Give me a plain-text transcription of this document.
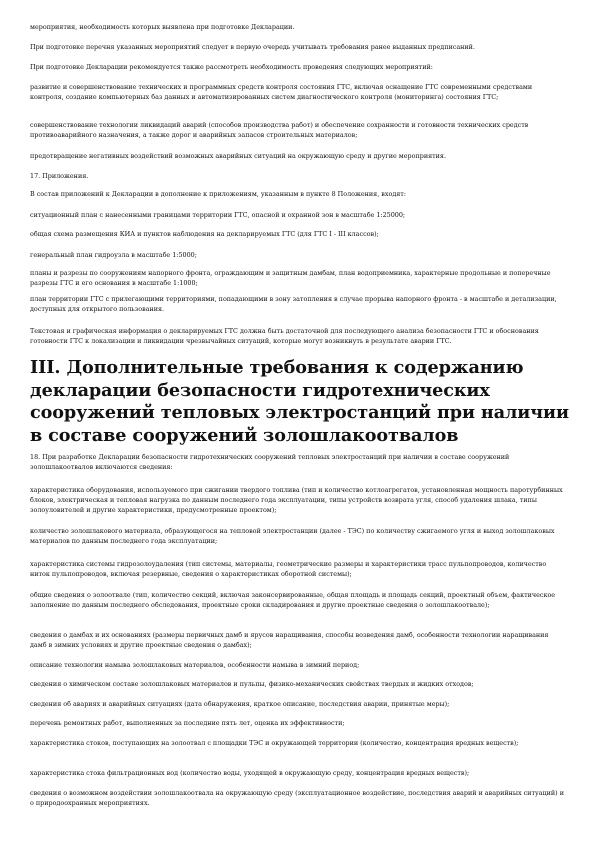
мероприятия, необходимость которых выявлена при подготовке Декларации.

При подготовке перечня указанных мероприятий следует в первую очередь учитывать требования ранее выданных предписаний.

При подготовке Декларации рекомендуется также рассмотреть необходимость проведения следующих мероприятий:

развитие и совершенствование технических и программных средств контроля состояния ГТС, включая оснащение ГТС современными средствами контроля, создание компьютерных баз данных и автоматизированных систем диагностического контроля (мониторинга) состояния ГТС;

совершенствование технологии ликвидаций аварий (способов производства работ) и обеспечение сохранности и готовности технических средств противоаварийного назначения, а также дорог и аварийных запасов строительных материалов;

предотвращение негативных воздействий возможных аварийных ситуаций на окружающую среду и другие мероприятия.

17. Приложения.

В состав приложений к Декларации в дополнение к приложениям, указанным в пункте 8 Положения, входят:

ситуационный план с нанесенными границами территории ГТС, опасной и охранной зон в масштабе 1:25000;

общая схема размещения КИА и пунктов наблюдения на декларируемых ГТС (для ГТС I - III классов);

генеральный план гидроузла в масштабе 1:5000;

планы и разрезы по сооружениям напорного фронта, ограждающим и защитным дамбам, план водоприемника, характерные продольные и поперечные разрезы ГТС и его основания в масштабе 1:1000;

план территории ГТС с прилегающими территориями, попадающими в зону затопления в случае прорыва напорного фронта - в масштабе и детализации, доступных для открытого пользования.

Текстовая и графическая информация о декларируемых ГТС должна быть достаточной для последующего анализа безопасности ГТС и обоснования готовности ГТС к локализации и ликвидации чрезвычайных ситуаций, которые могут возникнуть в результате аварии ГТС.

III. Дополнительные требования к содержанию декларации безопасности гидротехнических сооружений тепловых электростанций при наличии в составе сооружений золошлакоотвалов

18. При разработке Декларации безопасности гидротехнических сооружений тепловых электростанций при наличии в составе сооружений золошлакоотвалов включаются сведения:

характеристика оборудования, используемого при сжигании твердого топлива (тип и количество котлоагрегатов, установленная мощность паротурбинных блоков, электрическая и тепловая нагрузка по данным последнего года эксплуатации, типы устройств возврата угля, способ удаления шлака, типы золоуловителей и другие характеристики, предусмотренные проектом);

количество золошлакового материала, образующегося на тепловой электростанции (далее - ТЭС) по количеству сжигаемого угля и выход золошлаковых материалов по данным последнего года эксплуатации;

характеристика системы гидрозолоудаления (тип системы, материалы, геометрические размеры и характеристики трасс пульпопроводов, количество ниток пульпопроводов, включая резервные, сведения о характеристиках оборотной системы);

общие сведения о золоотвале (тип, количество секций, включая законсервированные, общая площадь и площадь секций, проектный объем, фактическое заполнение по данным последнего обследования, проектные сроки складирования и другие проектные сведения о золошлакоотвале);

сведения о дамбах и их основаниях (размеры первичных дамб и ярусов наращивания, способы возведения дамб, особенности технологии наращивания дамб в зимних условиях и другие проектные сведения о дамбах);

описание технологии намыва золошлаковых материалов, особенности намыва в зимний период;

сведения о химическом составе золошлаковых материалов и пульпы, физико-механических свойствах твердых и жидких отходов;

сведения об авариях и аварийных ситуациях (дата обнаружения, краткое описание, последствия аварии, принятые меры);

перечень ремонтных работ, выполненных за последние пять лет, оценка их эффективности;

характеристика стоков, поступающих на золоотвал с площадки ТЭС и окружающей территории (количество, концентрация вредных веществ);

характеристика стока фильтрационных вод (количество воды, уходящей в окружающую среду, концентрация вредных веществ);

сведения о возможном воздействии золошлакоотвала на окружающую среду (эксплуатационное воздействие, последствия аварий и аварийных ситуаций) и о природоохранных мероприятиях.
